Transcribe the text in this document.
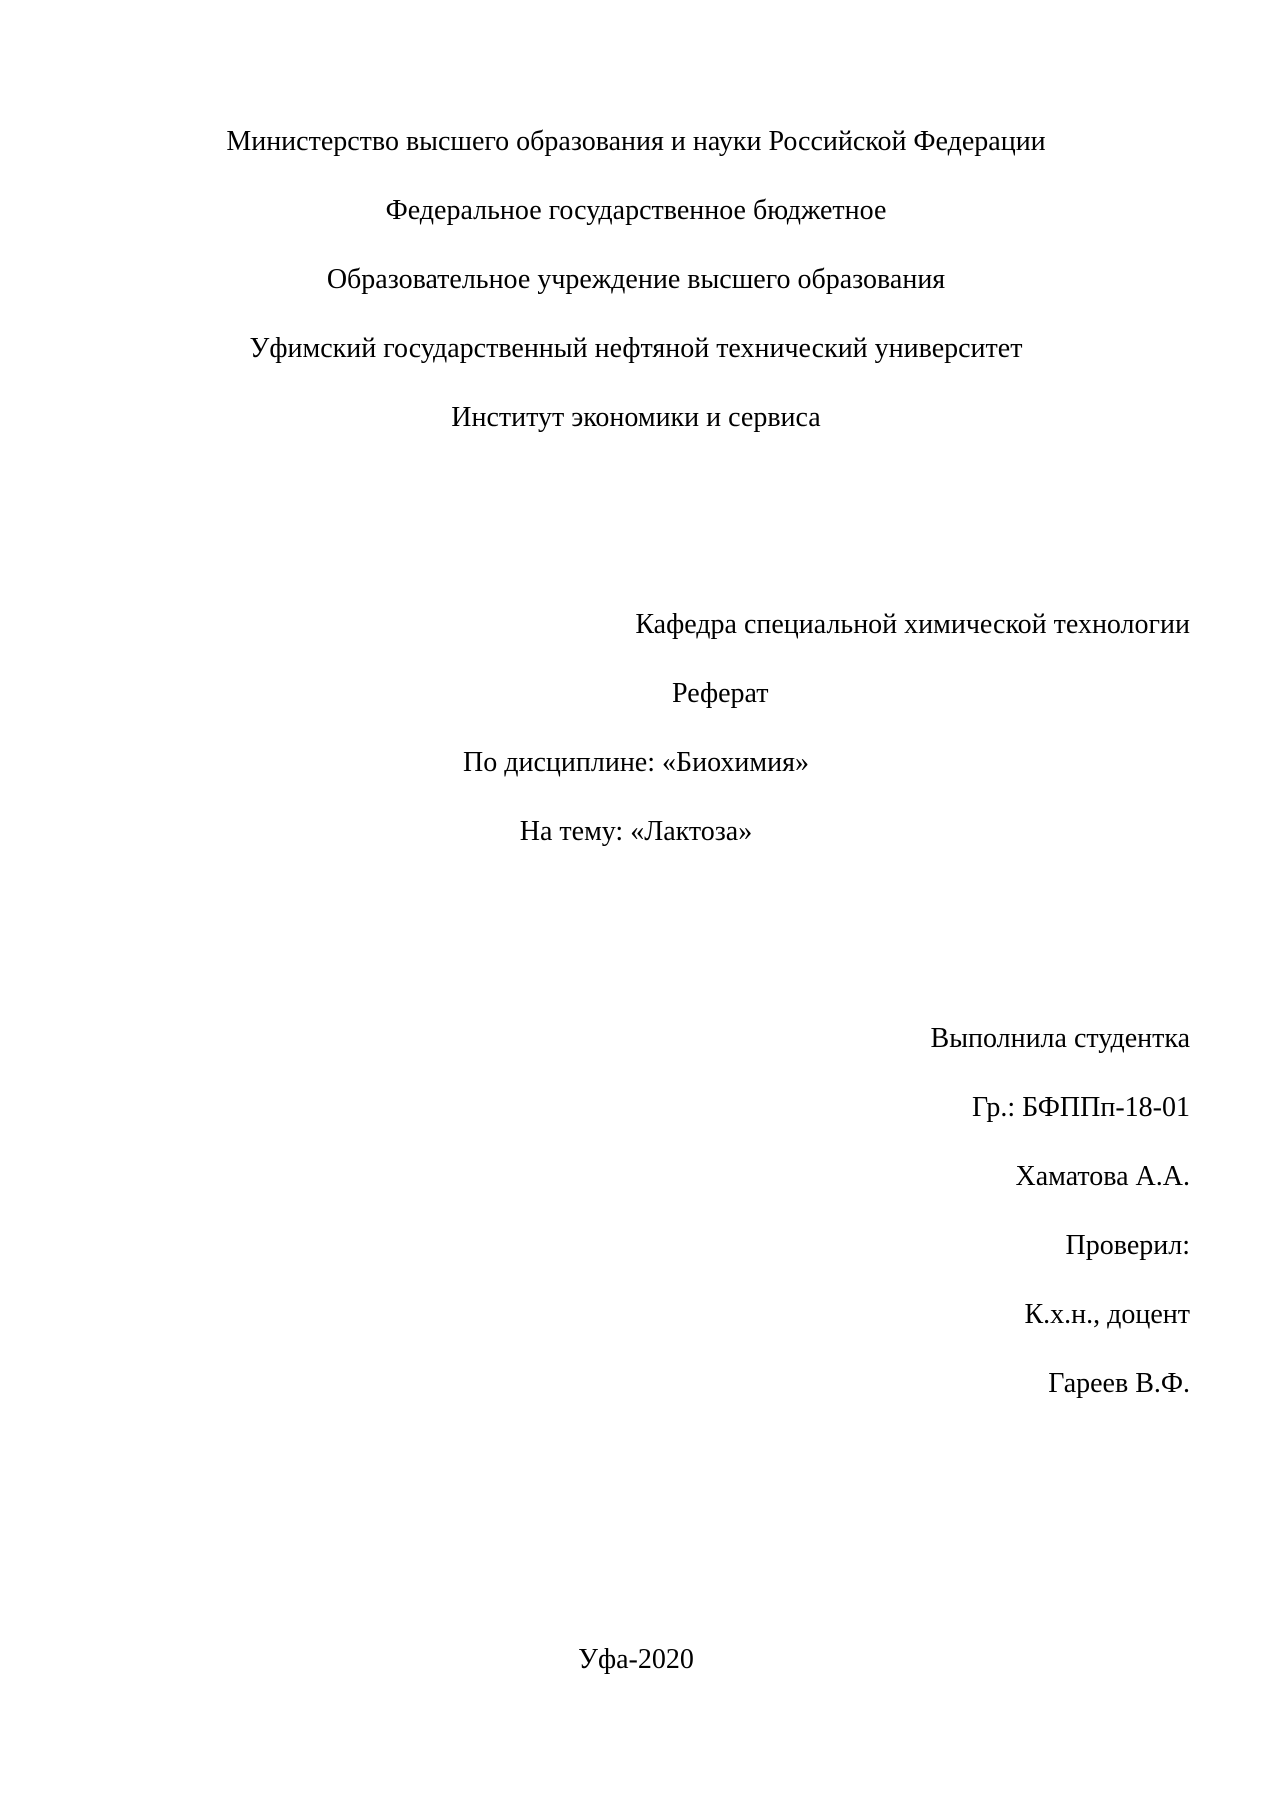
Министерство высшего образования и науки Российской Федерации
Федеральное государственное бюджетное
Образовательное учреждение высшего образования
Уфимский государственный нефтяной технический университет
Институт экономики и сервиса
Кафедра специальной химической технологии
Реферат
По дисциплине: «Биохимия»
На тему: «Лактоза»
Выполнила студентка
Гр.: БФППп-18-01
Хаматова А.А.
Проверил:
К.х.н., доцент
Гареев В.Ф.
Уфа-2020
